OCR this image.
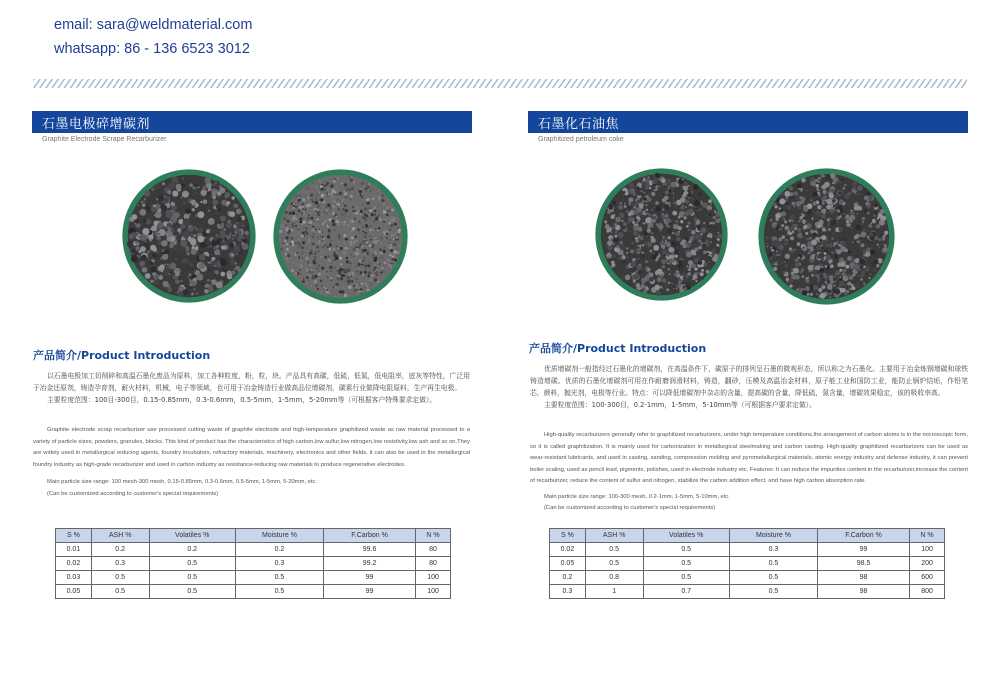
email: sara@weldmaterial.com
whatsapp: 86 - 136 6523 3012
石墨电极碎增碳剂
Graphite Electrode Scrape Recarburizer
产品简介/Product Introduction

以石墨电极加工切削碎和高温石墨化废品为原料，加工各种粒度，粉，粒，块。产品具有高碳，低硫，低氮，低电阻率，底灰等特性，广泛用于冶金还原剂，铸造孕育剂，耐火材料，机械，电子等领域，也可用于冶金铸造行业做高品位增碳剂，碳素行业做降电阻原料，生产再生电极。

主要粒度范围：100目-300目，0.15-0.85mm，0.3-0.6mm，0.5-5mm，1-5mm，5-20mm等（可根据客户特殊要求定做）。

Graphite electrode scrap recarburizer use processed cutting waste of graphite electrode and high-temperature graphitized waste as raw material processed to a variety of particle sizes, powders, granules, blocks. This kind of product has the characteristics of high carbon,low sulfur,low nitrogen,low resistivity,low ash and so on.They are widely used in metallurgical reducing agents, foundry incubators, refractory materials, machinery, electronics and other fields, it can also be used in the metallurgical foundry industry as high-grade recarburizer and used in carbon industry as resistance-reducing raw materials to produce regenerative electrodes.

Main particle size range: 100 mesh-300 mesh, 0.15-0.85mm, 0.3-0.6mm, 0.5-5mm, 1-5mm, 5-20mm, etc.

(Can be customized according to customer's special requirements)

S %	ASH %	Volatiles %	Moisture %	F.Carbon %	N %
0.01	0.2	0.2	0.2	99.6	80
0.02	0.3	0.5	0.3	99.2	80
0.03	0.5	0.5	0.5	99	100
0.05	0.5	0.5	0.5	99	100
石墨化石油焦
Graphitized petroleum coke
产品简介/Product Introduction

优质增碳剂一般指经过石墨化的增碳剂，在高温条件下，碳原子的排列呈石墨的微观形态，所以称之为石墨化。主要用于冶金炼钢增碳和球铁铸造增碳。优质的石墨化增碳剂可用在作耐磨润滑材料，铸造，翻砂，压模及高温冶金材料，原子能工业和国防工业，能防止锅炉结垢，作铅笔芯，颜料，抛光剂，电极等行业。特点：可以降低增碳剂中杂志的含量，提高碳的含量，降低硫，氮含量，增碳效果稳定，该的吸收率高。

主要粒度范围：100-300目，0.2-1mm，1-5mm，5-10mm等（可根据客户要求定做）。

High-quality recarburizers generally refer to graphitized recarburizers, under high temperature conditions,the arrangement of carbon atoms is in the microscopic form, so it is called graphitization. It is mainly used for carbonization in metallurgical steelmaking and carbon casting. High-quality graphitized recarburizers can be used as wear-resistant lubricants, and used in casting, sanding, compression molding and pyrometallurgical materials, atomic energy industry and defense industry, it can prevent boiler scaling, used as pencil lead, pigments, polishes, used in electrode industry etc. Features: It can reduce the impurities content in the recarburizer,increase the content of recarburizer, reduce the content of sulfur and nitrogen, stabilize the carbon addition effect, and have high carbon absorption rate.

Main particle size range: 100-300 mesh, 0.2-1mm, 1-5mm, 5-10mm, etc.

(Can be customized according to customer's special requirements)

S %	ASH %	Volatiles %	Moisture %	F.Carbon %	N %
0.02	0.5	0.5	0.3	99	100
0.05	0.5	0.5	0.5	98.5	200
0.2	0.8	0.5	0.5	98	600
0.3	1	0.7	0.5	98	800
